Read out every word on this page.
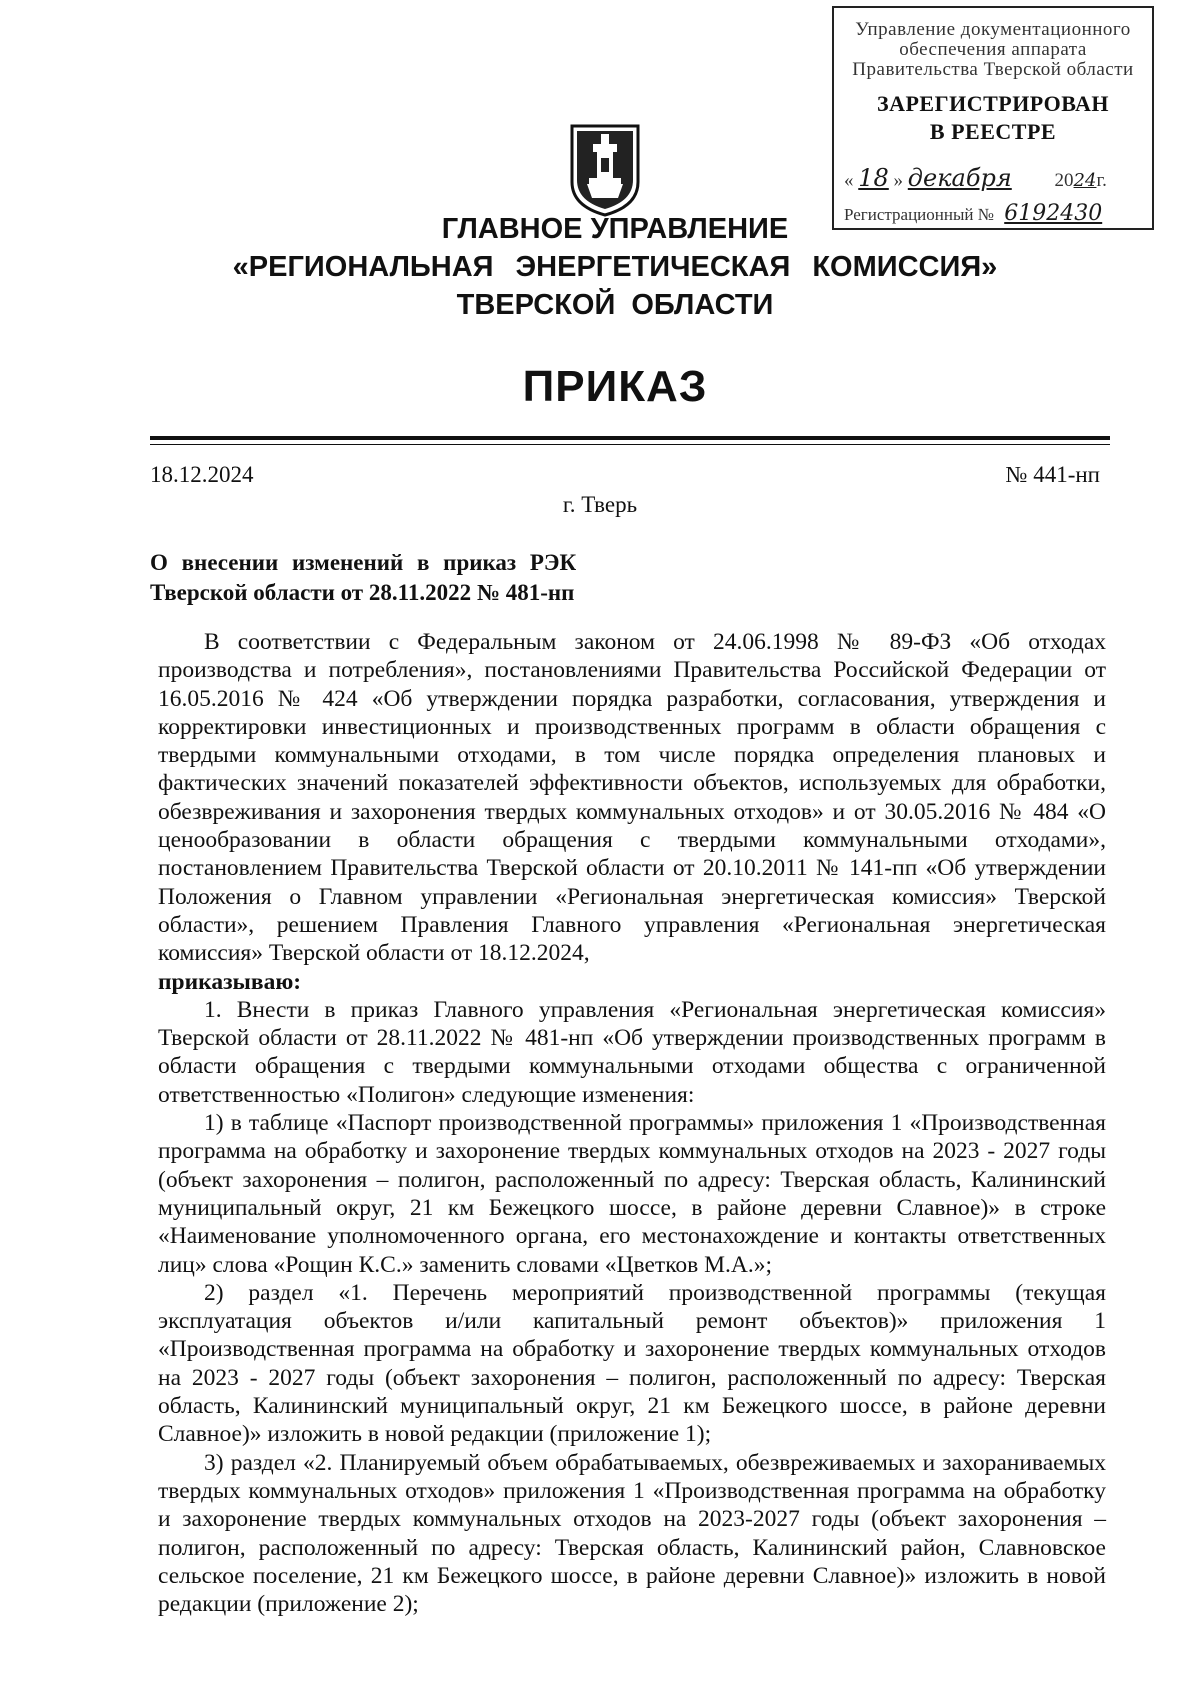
Управление документационного
обеспечения аппарата
Правительства Тверской области
ЗАРЕГИСТРИРОВАН
В РЕЕСТРЕ
« 18 » декабря 2024г.
Регистрационный № 6192430
ГЛАВНОЕ УПРАВЛЕНИЕ
«РЕГИОНАЛЬНАЯ ЭНЕРГЕТИЧЕСКАЯ КОМИССИЯ»
ТВЕРСКОЙ ОБЛАСТИ
ПРИКАЗ
18.12.2024	№ 441-нп
г. Тверь
О внесении изменений в приказ РЭК
Тверской области от 28.11.2022 № 481-нп

В соответствии с Федеральным законом от 24.06.1998 № 89-ФЗ «Об отходах производства и потребления», постановлениями Правительства Российской Федерации от 16.05.2016 № 424 «Об утверждении порядка разработки, согласования, утверждения и корректировки инвестиционных и производственных программ в области обращения с твердыми коммунальными отходами, в том числе порядка определения плановых и фактических значений показателей эффективности объектов, используемых для обработки, обезвреживания и захоронения твердых коммунальных отходов» и от 30.05.2016 № 484 «О ценообразовании в области обращения с твердыми коммунальными отходами», постановлением Правительства Тверской области от 20.10.2011 № 141-пп «Об утверждении Положения о Главном управлении «Региональная энергетическая комиссия» Тверской области», решением Правления Главного управления «Региональная энергетическая комиссия» Тверской области от 18.12.2024,

приказываю:

1. Внести в приказ Главного управления «Региональная энергетическая комиссия» Тверской области от 28.11.2022 № 481-нп «Об утверждении производственных программ в области обращения с твердыми коммунальными отходами общества с ограниченной ответственностью «Полигон» следующие изменения:

1) в таблице «Паспорт производственной программы» приложения 1 «Производственная программа на обработку и захоронение твердых коммунальных отходов на 2023 - 2027 годы (объект захоронения – полигон, расположенный по адресу: Тверская область, Калининский муниципальный округ, 21 км Бежецкого шоссе, в районе деревни Славное)» в строке «Наименование уполномоченного органа, его местонахождение и контакты ответственных лиц» слова «Рощин К.С.» заменить словами «Цветков М.А.»;

2) раздел «1. Перечень мероприятий производственной программы (текущая эксплуатация объектов и/или капитальный ремонт объектов)» приложения 1 «Производственная программа на обработку и захоронение твердых коммунальных отходов на 2023 - 2027 годы (объект захоронения – полигон, расположенный по адресу: Тверская область, Калининский муниципальный округ, 21 км Бежецкого шоссе, в районе деревни Славное)» изложить в новой редакции (приложение 1);

3) раздел «2. Планируемый объем обрабатываемых, обезвреживаемых и захораниваемых твердых коммунальных отходов» приложения 1 «Производственная программа на обработку и захоронение твердых коммунальных отходов на 2023-2027 годы (объект захоронения – полигон, расположенный по адресу: Тверская область, Калининский район, Славновское сельское поселение, 21 км Бежецкого шоссе, в районе деревни Славное)» изложить в новой редакции (приложение 2);
